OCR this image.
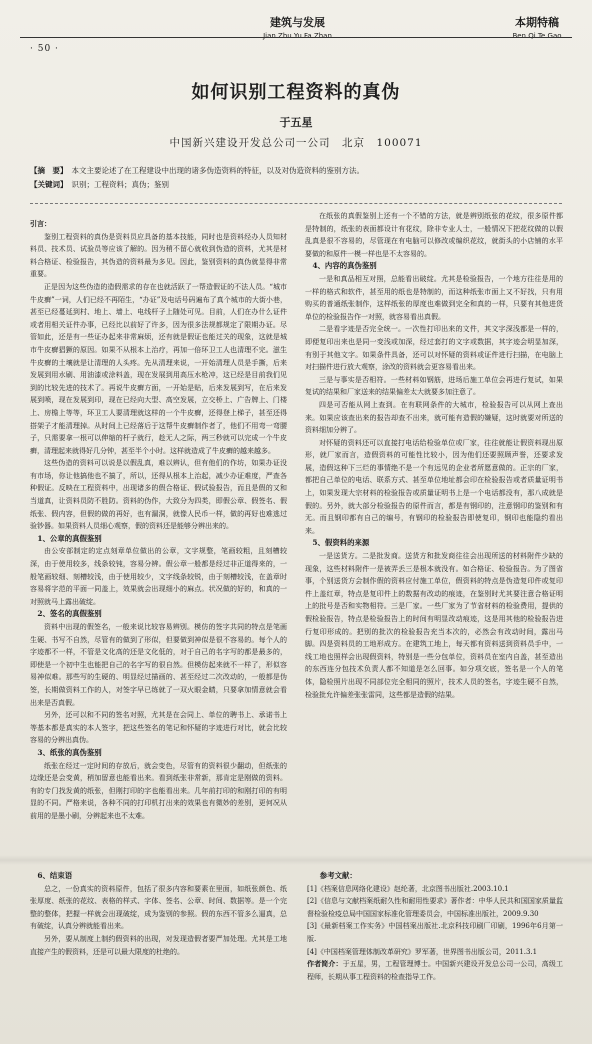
· 50 ·
建筑与发展
Jian Zhu Yu Fa Zhan
本期特稿
Ben Qi Te Gao
如何识别工程资料的真伪
于五星
中国新兴建设开发总公司一公司　北京　100071
【摘　要】 本文主要论述了在工程建设中出现的诸多伪造资料的特征，以及对伪造资料的鉴别方法。
【关键词】 识别；工程资料；真伪；鉴别

引言：

鉴别工程资料的真伪是资料员应具备的基本技能，同时也是资料经办人员知材料员、技术员、试验员等应该了解的。因为稍不留心就收到伪造的资料，尤其是材料合格证、检验报告，其伪造的资料最为多见。因此，鉴别资料的真伪就显得非常重要。

正是因为这些伪造的造假需求的存在也就活跃了一帮造假证的不法人员。“城市牛皮癣”一词，人们已经不再陌生，“办证”及电话号码遍布了真个城市的大街小巷，甚至已经蔓延到村、地上、墙上、电线杆子上随处可见。目前，人们在办什么证件或者用相关证件办事，已经比以前好了许多，因为很多法规都规定了限期办证。尽管如此，还是有一些证办起来非常麻烦，还有就是假证也能过关的现象，这就是城市牛皮癣猖獗的原因。如果不从根本上治疗，再加一倍环卫工人也清理不完。滋生牛皮癣的土壤就是让清理的人头疼。先从清理来说，一开始清理人员是手撕，后来发展到用水刷、用油漆或涂料盖，现在发展到用高压水枪冲，这已经是目前我们见到的比较先进的技术了。再说牛皮癣方面，一开始是贴，后来发展到写，在后来发展到喷，现在发展到印，现在已经向大型、高空发展，立交桥上、广告牌上、门楼上、房檐上等等，环卫工人要清理就这样的一个牛皮癣，还得登上梯子，甚至还得搭架子才能清理掉。从时间上已经落后于这帮牛皮癣制作者了，他们不用弯一弯腰子，只需要拿一根可以伸缩的杆子就行，趁无人之际，两三秒就可以完成一个牛皮癣，清理起来就得好几分钟，甚至半个小时。这样就造成了牛皮癣的越来越多。

这些伪造的资料可以说是以假乱真，难以辨认，但有他们的作坊，如果办证没有市场，你让他搞他也不搞了，所以，还得从根本上治起，减少办证难度，严查各种假证。反映在工程资料中，出现诸多的假合格证、假试验报告，而且是假的又和当道真，让资料员防不胜防。资料的伪作，大致分为四类，即假公章、假签名、假纸张、假内容，但假的做的再好，也有漏洞，就像人民币一样，做的再好也难逃过验钞器。如果资料人员细心观察，假的资料还是能够分辨出来的。

1、公章的真假鉴别

由公安部制定的定点刻章单位做出的公章，文字规整，笔画较粗，且刻槽较深，由于使用较多，线条较钝，容易分辨。假公章一般都是经过非正道得来的，一般笔画较细、刻槽较浅，由于使用较少，文字线条较锐，由于刻槽较浅，在盖章时容易将字范的平面一同盖上，效果就会出现细小的麻点。状况做的好的，和真的一对照就马上露出破绽。

2、签名的真假鉴别

资料中出现的假签名，一般来说比较容易辨别。模仿的签字共同的特点是笔画生硬、书写不自然，尽管有的做到了形似，但要做到神似是很不容易的。每个人的字迹都不一样，不管是文化高的还是文化低的，对于自己的名字写的都是最多的，即使是一个初中生也能把自己的名字写的很自然。但模仿起来就不一样了，形似容易神似难。那些写的生硬的、明显经过描画的、甚至经过二次改动的，一般都是伪签，长期做资料工作的人，对签字早已练就了一双火眼金睛，只要拿加情意就会看出来是否真假。

另外，还可以和不同的签名对照，尤其是在会同上、单位的聘书上、承诺书上等基本都是真实的本人签字，把这些签名的笔记和怀疑的字迹进行对比，就会比较容易的分辨出真伪。

3、纸张的真伪鉴别

纸张在经过一定时间的存放后，就会变色，尽管有的资料很少翻动，但纸张的边缘还是会变黄，稍加留意也能看出来。看到纸张非常新，那肯定是刚做的资料。有的专门找发黄的纸张，但刚打印的字也能看出来。几年前打印的和刚打印的有明显的不同。严格来说，各种不同的打印机打出来的效果也有微妙的差别，更何况从前用的是墨小刷，分辨起来也不太难。

在纸张的真假鉴别上还有一个不错的方法，就是辨别纸张的花纹，很多原件都是特制的，纸张的表面都设计有花纹，除非专业人士，一般情况下把花纹做的以假乱真是很不容易的，尽管现在有电脑可以修改或编织花纹，就街头的小店铺的水平要做的和原件一模一样也是不太容易的。

4、内容的真伪鉴别

一是和真品相互对照，总能看出破绽。尤其是检验报告，一个地方往往是用的一样的格式和软件，甚至用的纸也是特制的，而这种纸张市面上又不好找，只有用购买的普通纸张制作，这样纸张的厚度也难做到完全和真的一样，只要有其他进货单位的检验报告作一对照，就容易看出真假。

二是看字迹是否完全统一。一次性打印出来的文件，其文字深浅都是一样的，即便复印出来也是同一变浅或加深，经过套打的文字或数据，其字迹会明显加深，有别于其他文字。如果条件具备，还可以对怀疑的资料或证件进行扫描，在电脑上对扫描件进行放大观察，涂改的资料就会更容易看出来。

三是与事实是否相符。一些材料如钢筋，进场后施工单位会再进行复试，如果复试的结果和厂家送来的结果偏差太大就要多加注意了。

四是可否能从网上查到。在有联网条件的大城市，检验报告可以从网上查出来。如果应该查出来的报告却查不出来，就可能有造假的嫌疑，这时就要对所送的资料细加分辨了。

对怀疑的资料还可以直接打电话给检验单位或厂家，往往就能让假资料现出原形，就厂家而言，造假资料的可能性比较小，因为他们还要照顾声誉，还要求发展，造假这种下三烂的事情绝不是一个有远见的企业者所愿意做的。正宗的厂家，都把自己单位的电话、联系方式、甚至单位地址都会印在检验报告或者质量证明书上，如果发现大宗材料的检验报告或质量证明书上是一个电话都没有，那八成就是假的。另外，就大部分检验报告的原件而言，都是有钢印的，注意钢印的鉴别和有无。而且钢印都有自己的编号，有钢印的检验报告即使复印，钢印也能隐约看出来。

5、假资料的来源

一是送货方。二是批发商。送货方和批发商往往会出现所送的材料附件少缺的现象，这些材料附件一是被弄丢三是根本就没有。如合格证、检验报告。为了图省事，个别送货方会制作假的资料应付施工单位，假资料的特点是伪造复印件或复印件上盖红章，特点是复印件上的数据有改动的痕迹，在鉴别时尤其要注意合格证明上的批号是否和实物相符。三是厂家。一些厂家为了节省材料的检验费用，提供的假检验报告，特点是检验报告上的时间有明显改动痕迹，这是用其他的检验报告进行复印形成的。把别的批次的检验报告充当本次的，必然会有改动时间，露出马脚。四是资料员的工地形成方。在建筑工地上，每天都有资料送到资料员手中，一线工地也照样会出现假资料，特别是一些分包单位，资料员在室内自盖，甚至造出的东西连分包技术负责人都不知道是怎么回事。如分项交底，签名是一个人的笔体，隐检照片出现不同部位完全相同的照片，技术人员的签名，字迹生硬不自然，检验批允许偏差张张雷同，这些都是造假的结果。

6、结束语

总之，一份真实的资料原件，包括了很多内容和要素在里面，如纸张颜色、纸张厚度、纸张的花纹、表格的样式、字体、签名、公章、时间、数据等。是一个完整的整体，把握一样就会出现破绽，成为鉴别的参照。假的东西不管多么逼真，总有破绽，认真分辨就能看出来。

另外，要从制度上制约假资料的出现，对发现造假者要严加处理。尤其是工地直接产生的假资料，还是可以最大限度的杜绝的。

参考文献：

[1]《档案信息网络化建设》赵纶著，北京图书出版社.2003.10.1

[2]《信息与文献档案纸耐久性和耐用性要求》著作者：中华人民共和国国家质量监督检验检疫总局中国国家标准化管理委员会，中国标准出版社，2009.9.30

[3]《最新档案工作实务》中国档案出版社.北京科技印刷厂印刷，1996年6月第一版.

[4]《中国档案管理体制改革研究》罗军著，世界图书出版公司，2011.3.1

作者简介：于五星，男，工程管理博士。中国新兴建设开发总公司一公司，高级工程师，长期从事工程资料的检查指导工作。
